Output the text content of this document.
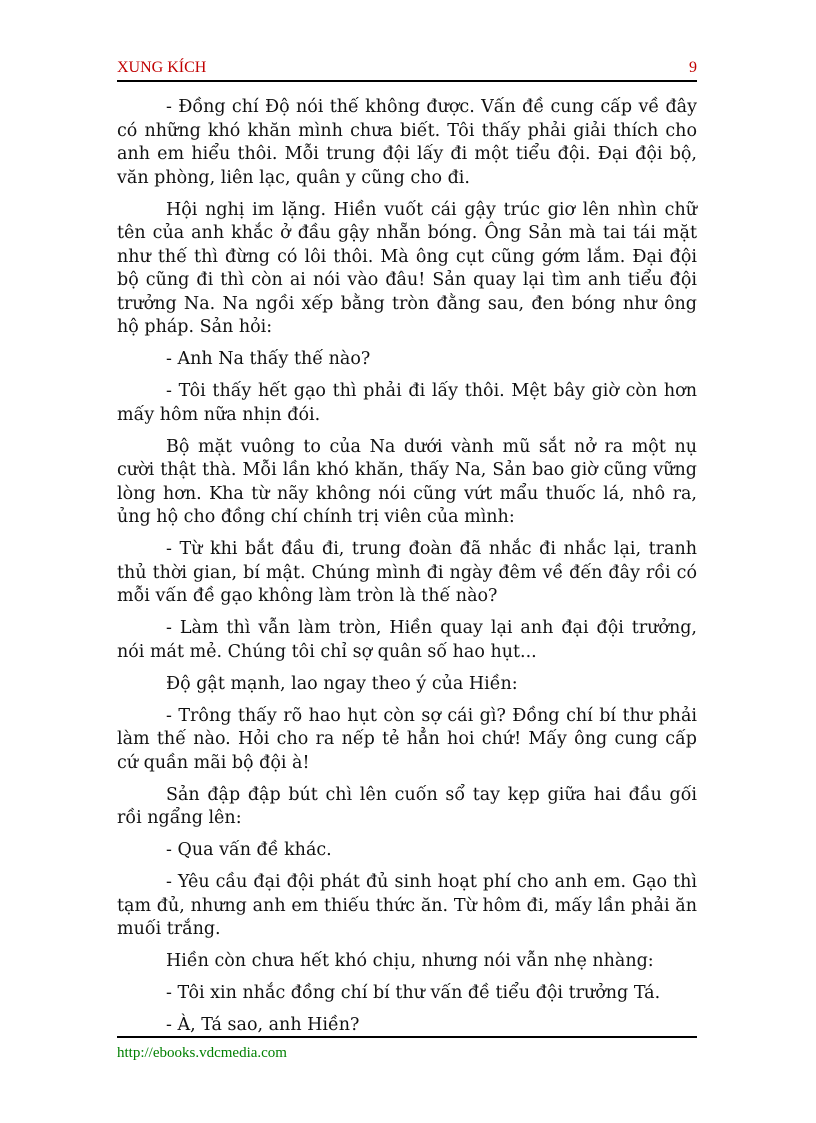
XUNG KÍCH	9

- Đồng chí Độ nói thế không được. Vấn đề cung cấp về đây có những khó khăn mình chưa biết. Tôi thấy phải giải thích cho anh em hiểu thôi. Mỗi trung đội lấy đi một tiểu đội. Đại đội bộ, văn phòng, liên lạc, quân y cũng cho đi.

Hội nghị im lặng. Hiền vuốt cái gậy trúc giơ lên nhìn chữ tên của anh khắc ở đầu gậy nhẵn bóng. Ông Sản mà tai tái mặt như thế thì đừng có lôi thôi. Mà ông cụt cũng gớm lắm. Đại đội bộ cũng đi thì còn ai nói vào đâu! Sản quay lại tìm anh tiểu đội trưởng Na. Na ngồi xếp bằng tròn đằng sau, đen bóng như ông hộ pháp. Sản hỏi:

- Anh Na thấy thế nào?

- Tôi thấy hết gạo thì phải đi lấy thôi. Mệt bây giờ còn hơn mấy hôm nữa nhịn đói.

Bộ mặt vuông to của Na dưới vành mũ sắt nở ra một nụ cười thật thà. Mỗi lần khó khăn, thấy Na, Sản bao giờ cũng vững lòng hơn. Kha từ nãy không nói cũng vứt mẩu thuốc lá, nhô ra, ủng hộ cho đồng chí chính trị viên của mình:

- Từ khi bắt đầu đi, trung đoàn đã nhắc đi nhắc lại, tranh thủ thời gian, bí mật. Chúng mình đi ngày đêm về đến đây rồi có mỗi vấn đề gạo không làm tròn là thế nào?

- Làm thì vẫn làm tròn, Hiền quay lại anh đại đội trưởng, nói mát mẻ. Chúng tôi chỉ sợ quân số hao hụt...

Độ gật mạnh, lao ngay theo ý của Hiền:

- Trông thấy rõ hao hụt còn sợ cái gì? Đồng chí bí thư phải làm thế nào. Hỏi cho ra nếp tẻ hẳn hoi chứ! Mấy ông cung cấp cứ quần mãi bộ đội à!

Sản đập đập bút chì lên cuốn sổ tay kẹp giữa hai đầu gối rồi ngẩng lên:

- Qua vấn đề khác.

- Yêu cầu đại đội phát đủ sinh hoạt phí cho anh em. Gạo thì tạm đủ, nhưng anh em thiếu thức ăn. Từ hôm đi, mấy lần phải ăn muối trắng.

Hiền còn chưa hết khó chịu, nhưng nói vẫn nhẹ nhàng:

- Tôi xin nhắc đồng chí bí thư vấn đề tiểu đội trưởng Tá.

- À, Tá sao, anh Hiền?

http://ebooks.vdcmedia.com
